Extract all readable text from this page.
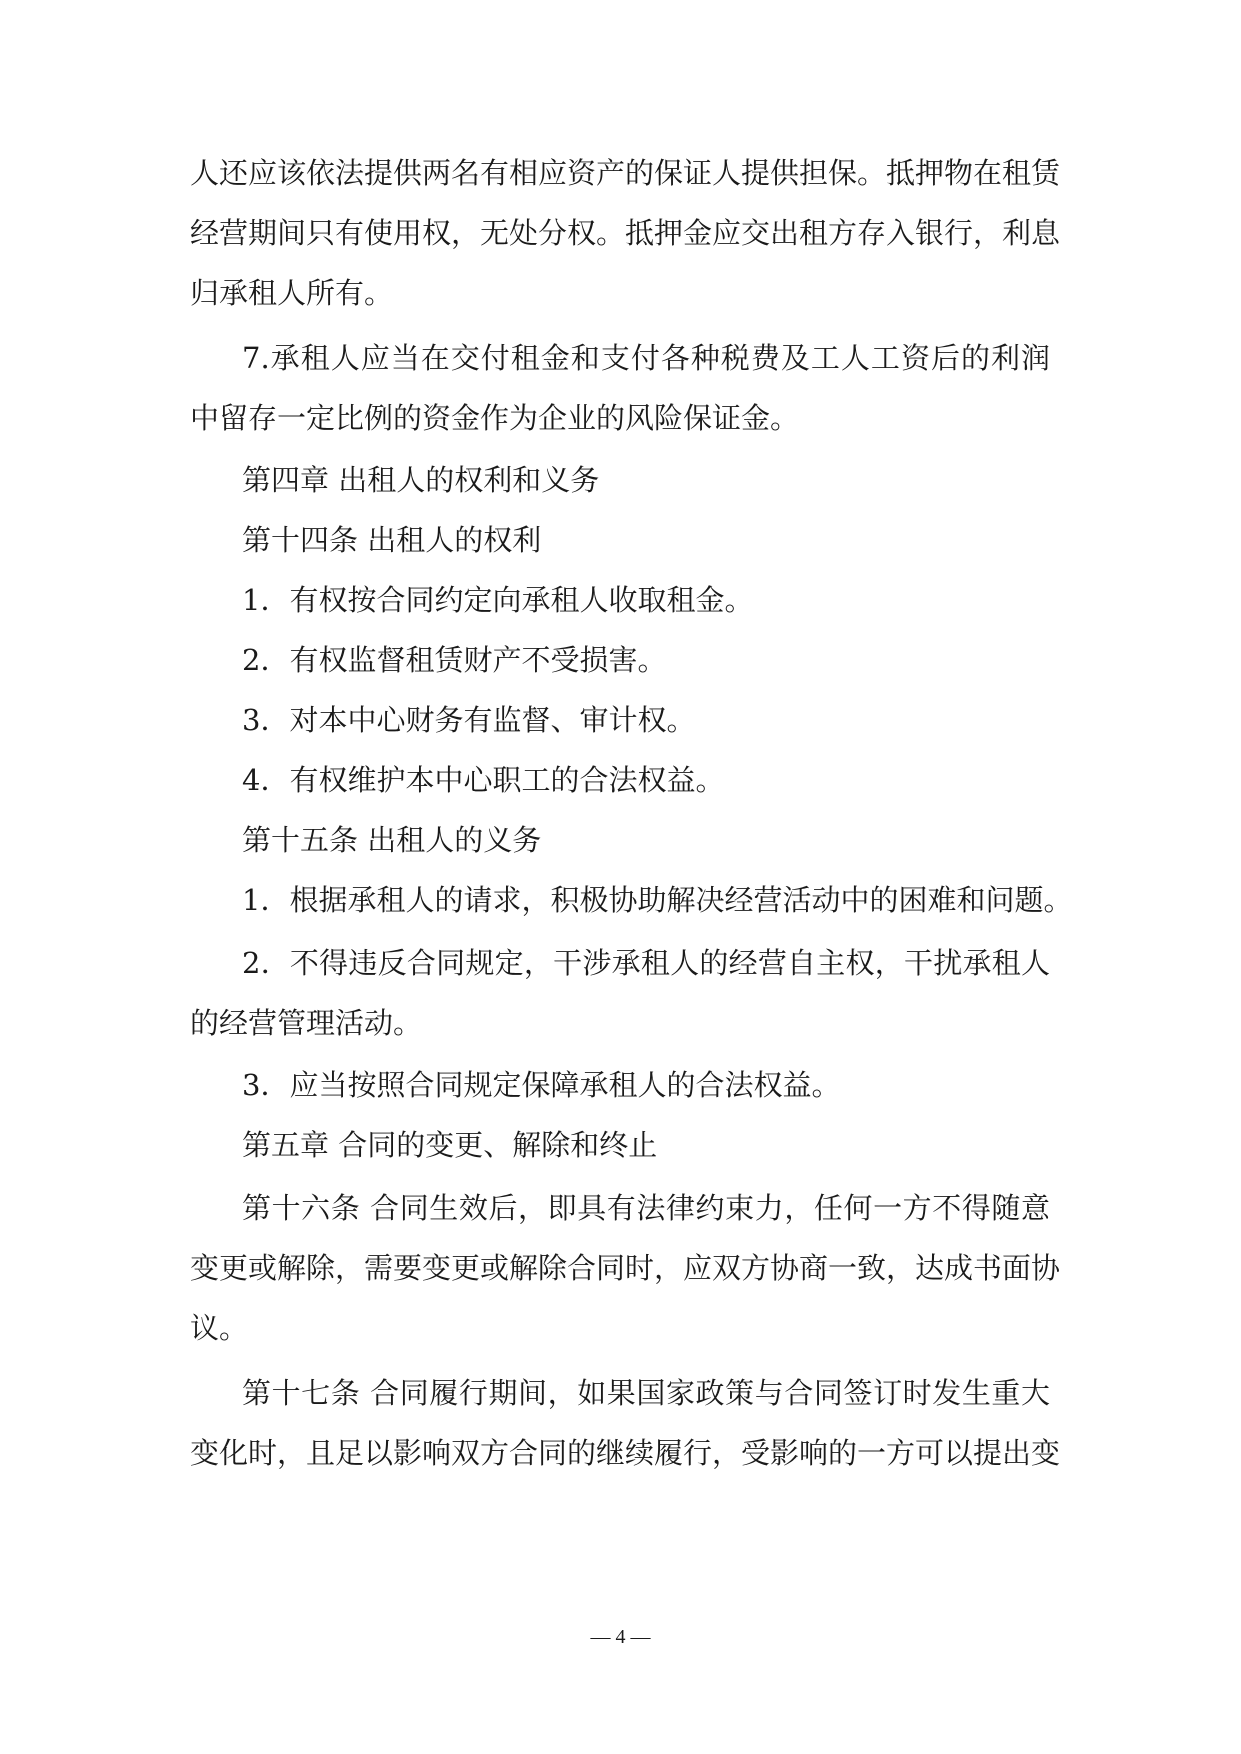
人还应该依法提供两名有相应资产的保证人提供担保。抵押物在租赁
经营期间只有使用权，无处分权。抵押金应交出租方存入银行，利息
归承租人所有。
7.承租人应当在交付租金和支付各种税费及工人工资后的利润
中留存一定比例的资金作为企业的风险保证金。
第四章 出租人的权利和义务
第十四条 出租人的权利
1．有权按合同约定向承租人收取租金。
2．有权监督租赁财产不受损害。
3．对本中心财务有监督、审计权。
4．有权维护本中心职工的合法权益。
第十五条 出租人的义务
1．根据承租人的请求，积极协助解决经营活动中的困难和问题。
2．不得违反合同规定，干涉承租人的经营自主权，干扰承租人
的经营管理活动。
3．应当按照合同规定保障承租人的合法权益。
第五章 合同的变更、解除和终止
第十六条 合同生效后，即具有法律约束力，任何一方不得随意
变更或解除，需要变更或解除合同时，应双方协商一致，达成书面协
议。
第十七条 合同履行期间，如果国家政策与合同签订时发生重大
变化时，且足以影响双方合同的继续履行，受影响的一方可以提出变
— 4 —
